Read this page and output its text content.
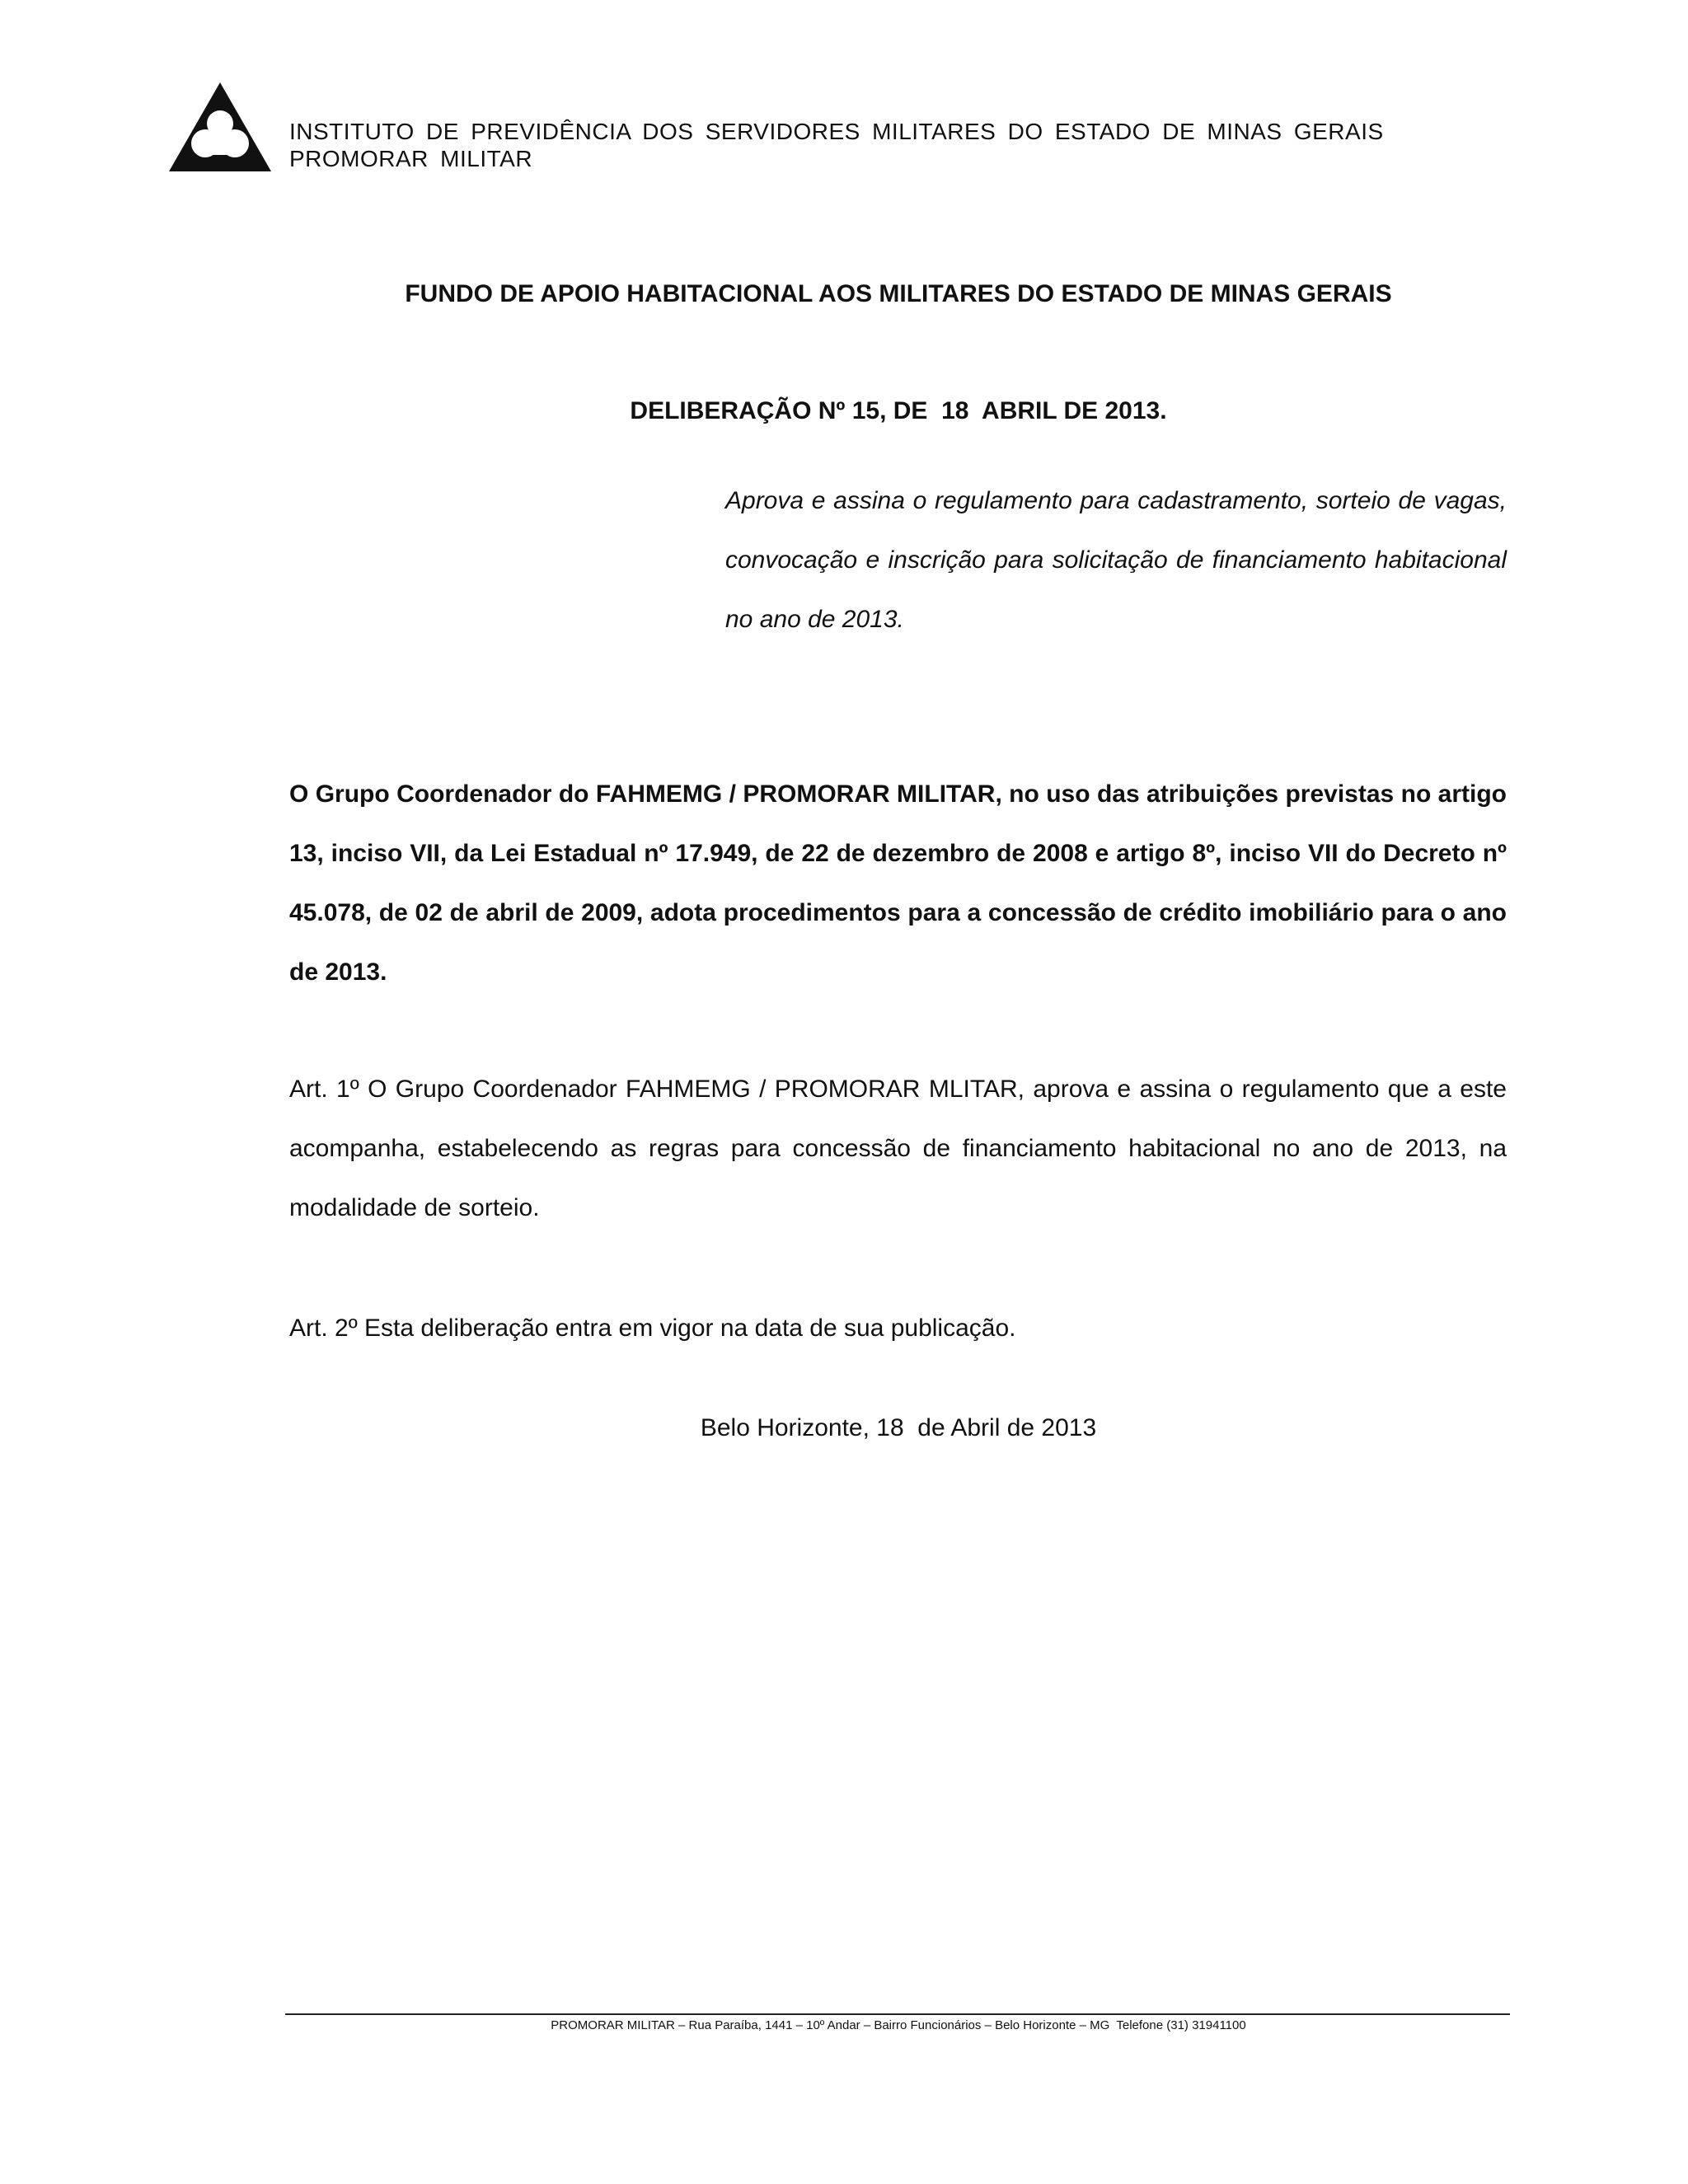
INSTITUTO DE PREVIDÊNCIA DOS SERVIDORES MILITARES DO ESTADO DE MINAS GERAIS
PROMORAR MILITAR
FUNDO DE APOIO HABITACIONAL AOS MILITARES DO ESTADO DE MINAS GERAIS
DELIBERAÇÃO Nº 15, DE  18  ABRIL DE 2013.
Aprova e assina o regulamento para cadastramento, sorteio de vagas, convocação e inscrição para solicitação de financiamento habitacional no ano de 2013.
O Grupo Coordenador do FAHMEMG / PROMORAR MILITAR, no uso das atribuições previstas no artigo 13, inciso VII, da Lei Estadual nº 17.949, de 22 de dezembro de 2008 e artigo 8º, inciso VII do Decreto nº 45.078, de 02 de abril de 2009, adota procedimentos para a concessão de crédito imobiliário para o ano de 2013.
Art. 1º O Grupo Coordenador FAHMEMG / PROMORAR MLITAR, aprova e assina o regulamento que a este acompanha, estabelecendo as regras para concessão de financiamento habitacional no ano de 2013, na modalidade de sorteio.
Art. 2º Esta deliberação entra em vigor na data de sua publicação.
Belo Horizonte, 18  de Abril de 2013
PROMORAR MILITAR – Rua Paraíba, 1441 – 10º Andar – Bairro Funcionários – Belo Horizonte – MG  Telefone (31) 31941100
